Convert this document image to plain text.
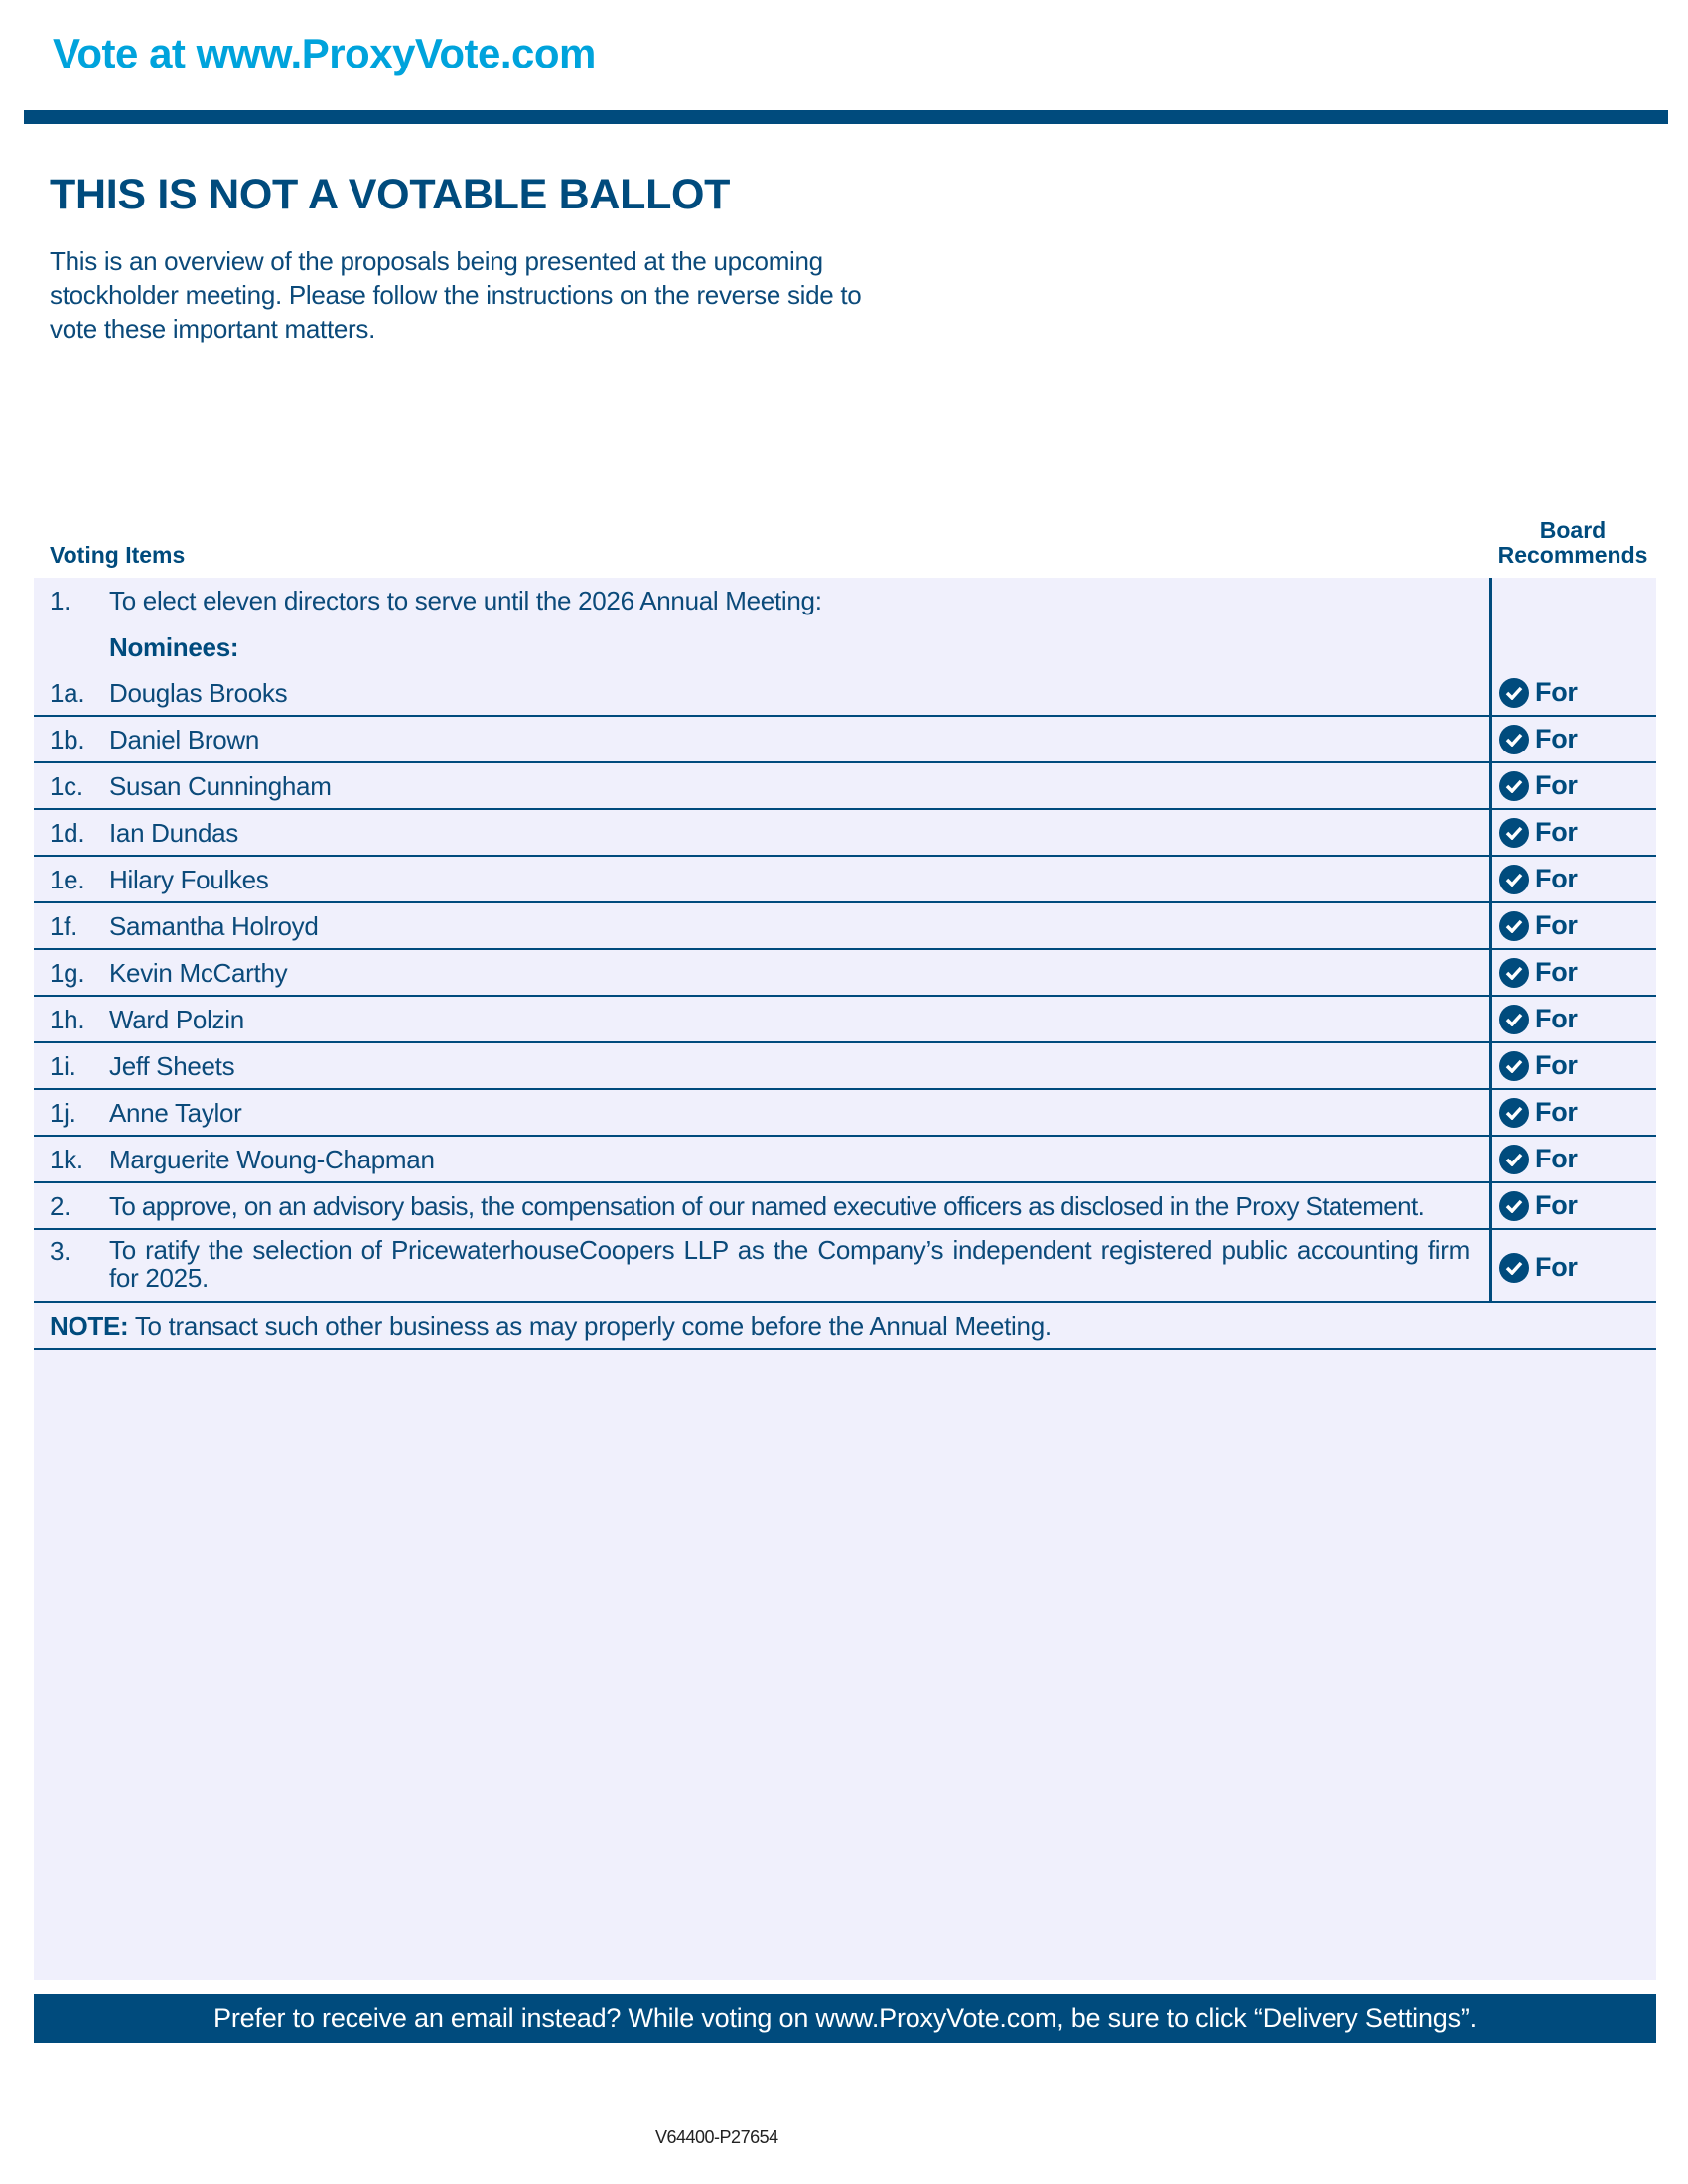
Vote at www.ProxyVote.com
THIS IS NOT A VOTABLE BALLOT
This is an overview of the proposals being presented at the upcoming stockholder meeting. Please follow the instructions on the reverse side to vote these important matters.
Voting Items
Board
Recommends
1. To elect eleven directors to serve until the 2026 Annual Meeting:
Nominees:
1a. Douglas Brooks	For
1b. Daniel Brown	For
1c. Susan Cunningham	For
1d. Ian Dundas	For
1e. Hilary Foulkes	For
1f. Samantha Holroyd	For
1g. Kevin McCarthy	For
1h. Ward Polzin	For
1i. Jeff Sheets	For
1j. Anne Taylor	For
1k. Marguerite Woung-Chapman	For
2. To approve, on an advisory basis, the compensation of our named executive officers as disclosed in the Proxy Statement.	For
3. To ratify the selection of PricewaterhouseCoopers LLP as the Company’s independent registered public accounting firm for 2025.	For
NOTE: To transact such other business as may properly come before the Annual Meeting.
Prefer to receive an email instead? While voting on www.ProxyVote.com, be sure to click “Delivery Settings”.
V64400-P27654
